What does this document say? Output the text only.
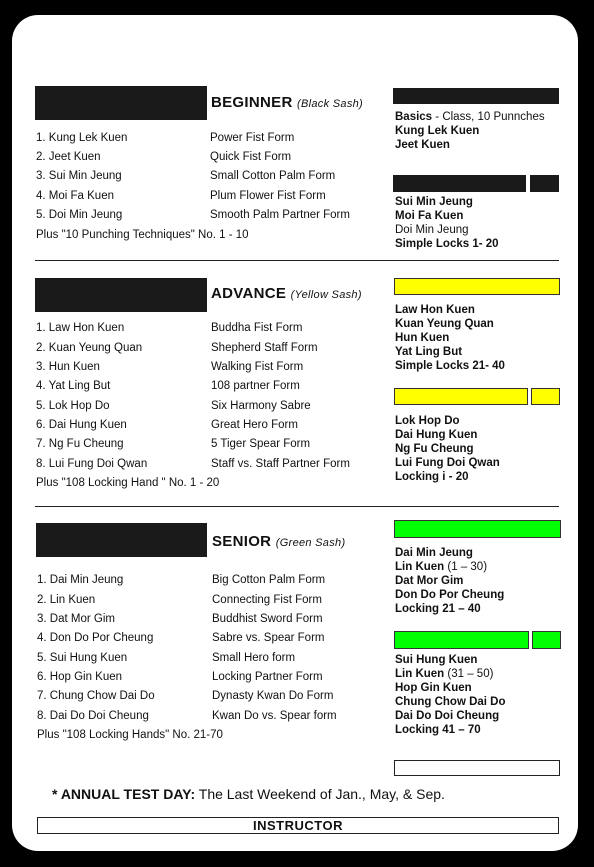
BEGINNER (Black Sash)
1. Kung Lek Kuen	Power Fist Form
2. Jeet Kuen	Quick Fist Form
3. Sui Min Jeung	Small Cotton Palm Form
4. Moi Fa Kuen	Plum Flower Fist Form
5. Doi Min Jeung	Smooth Palm Partner Form
Plus "10 Punching Techniques" No. 1 - 10
Basics - Class, 10 Punnches
Kung Lek Kuen
Jeet Kuen
Sui Min Jeung
Moi Fa Kuen
Doi Min Jeung
Simple Locks 1- 20
ADVANCE (Yellow Sash)
1. Law Hon Kuen	Buddha Fist Form
2. Kuan Yeung Quan	Shepherd Staff Form
3. Hun Kuen	Walking Fist Form
4. Yat Ling But	108 partner Form
5. Lok Hop Do	Six Harmony Sabre
6. Dai Hung Kuen	Great Hero Form
7. Ng Fu Cheung	5 Tiger Spear Form
8. Lui Fung Doi Qwan	Staff vs. Staff Partner Form
Plus "108 Locking Hand " No. 1 - 20
Law Hon Kuen
Kuan Yeung Quan
Hun Kuen
Yat Ling But
Simple Locks 21- 40
Lok Hop Do
Dai Hung Kuen
Ng Fu Cheung
Lui Fung Doi Qwan
Locking i - 20
SENIOR (Green Sash)
1. Dai Min Jeung	Big Cotton Palm Form
2. Lin Kuen	Connecting Fist Form
3. Dat Mor Gim	Buddhist Sword Form
4. Don Do Por Cheung	Sabre vs. Spear Form
5. Sui Hung Kuen	Small Hero form
6. Hop Gin Kuen	Locking Partner Form
7. Chung Chow Dai Do	Dynasty Kwan Do Form
8. Dai Do Doi Cheung	Kwan Do vs. Spear form
Plus "108 Locking Hands" No. 21-70
Dai Min Jeung
Lin Kuen (1 – 30)
Dat Mor Gim
Don Do Por Cheung
Locking 21 – 40
Sui Hung Kuen
Lin Kuen (31 – 50)
Hop Gin Kuen
Chung Chow Dai Do
Dai Do Doi Cheung
Locking 41 – 70
* ANNUAL TEST DAY: The Last Weekend of Jan., May, & Sep.
INSTRUCTOR
